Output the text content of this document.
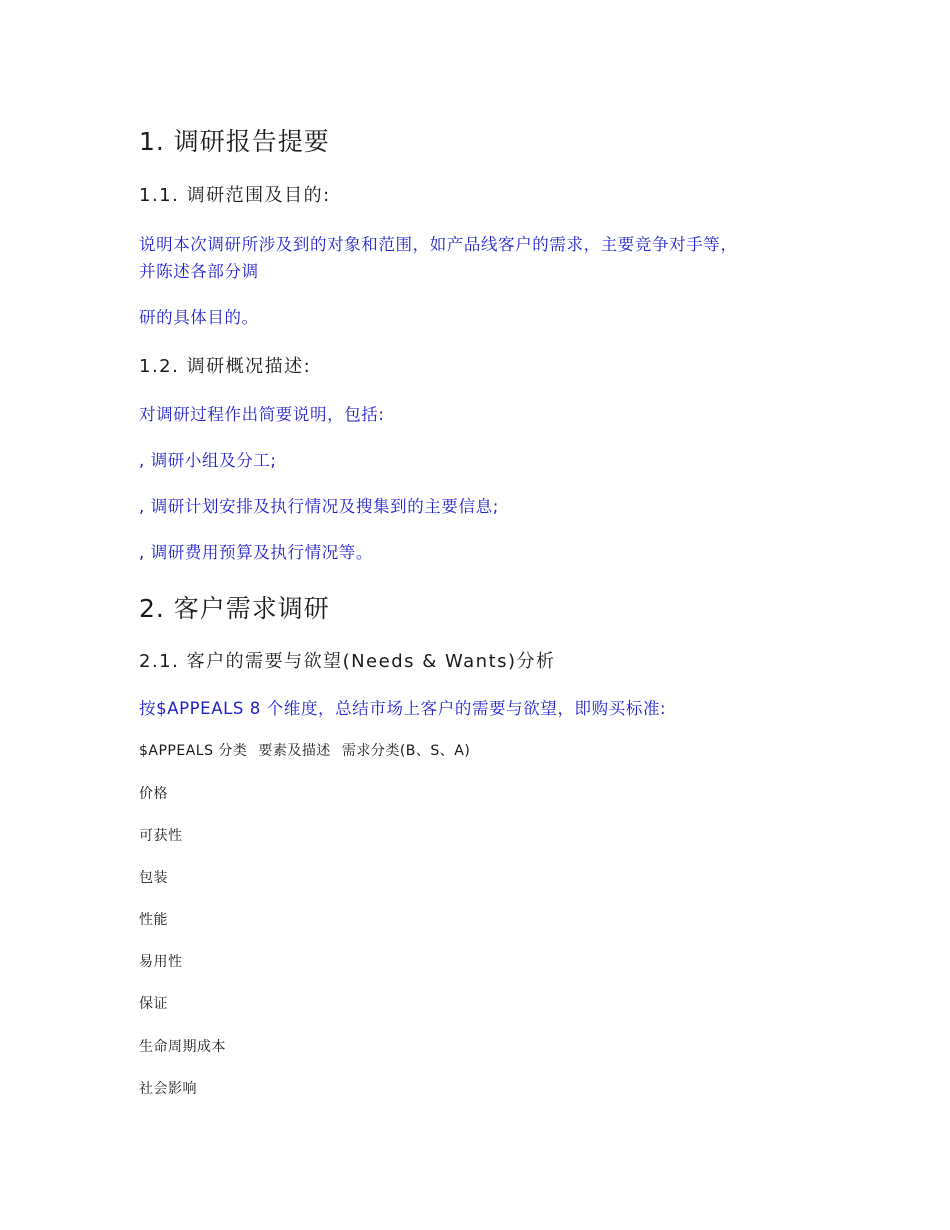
1. 调研报告提要
1.1. 调研范围及目的:

说明本次调研所涉及到的对象和范围，如产品线客户的需求，主要竞争对手等，

并陈述各部分调

研的具体目的。

1.2. 调研概况描述:

对调研过程作出简要说明，包括:

, 调研小组及分工;

, 调研计划安排及执行情况及搜集到的主要信息;

, 调研费用预算及执行情况等。

2. 客户需求调研
2.1. 客户的需要与欲望(Needs & Wants)分析

按$APPEALS 8 个维度，总结市场上客户的需要与欲望，即购买标准:

$APPEALS 分类 要素及描述 需求分类(B、S、A)
价格
可获性
包装
性能
易用性
保证
生命周期成本
社会影响
